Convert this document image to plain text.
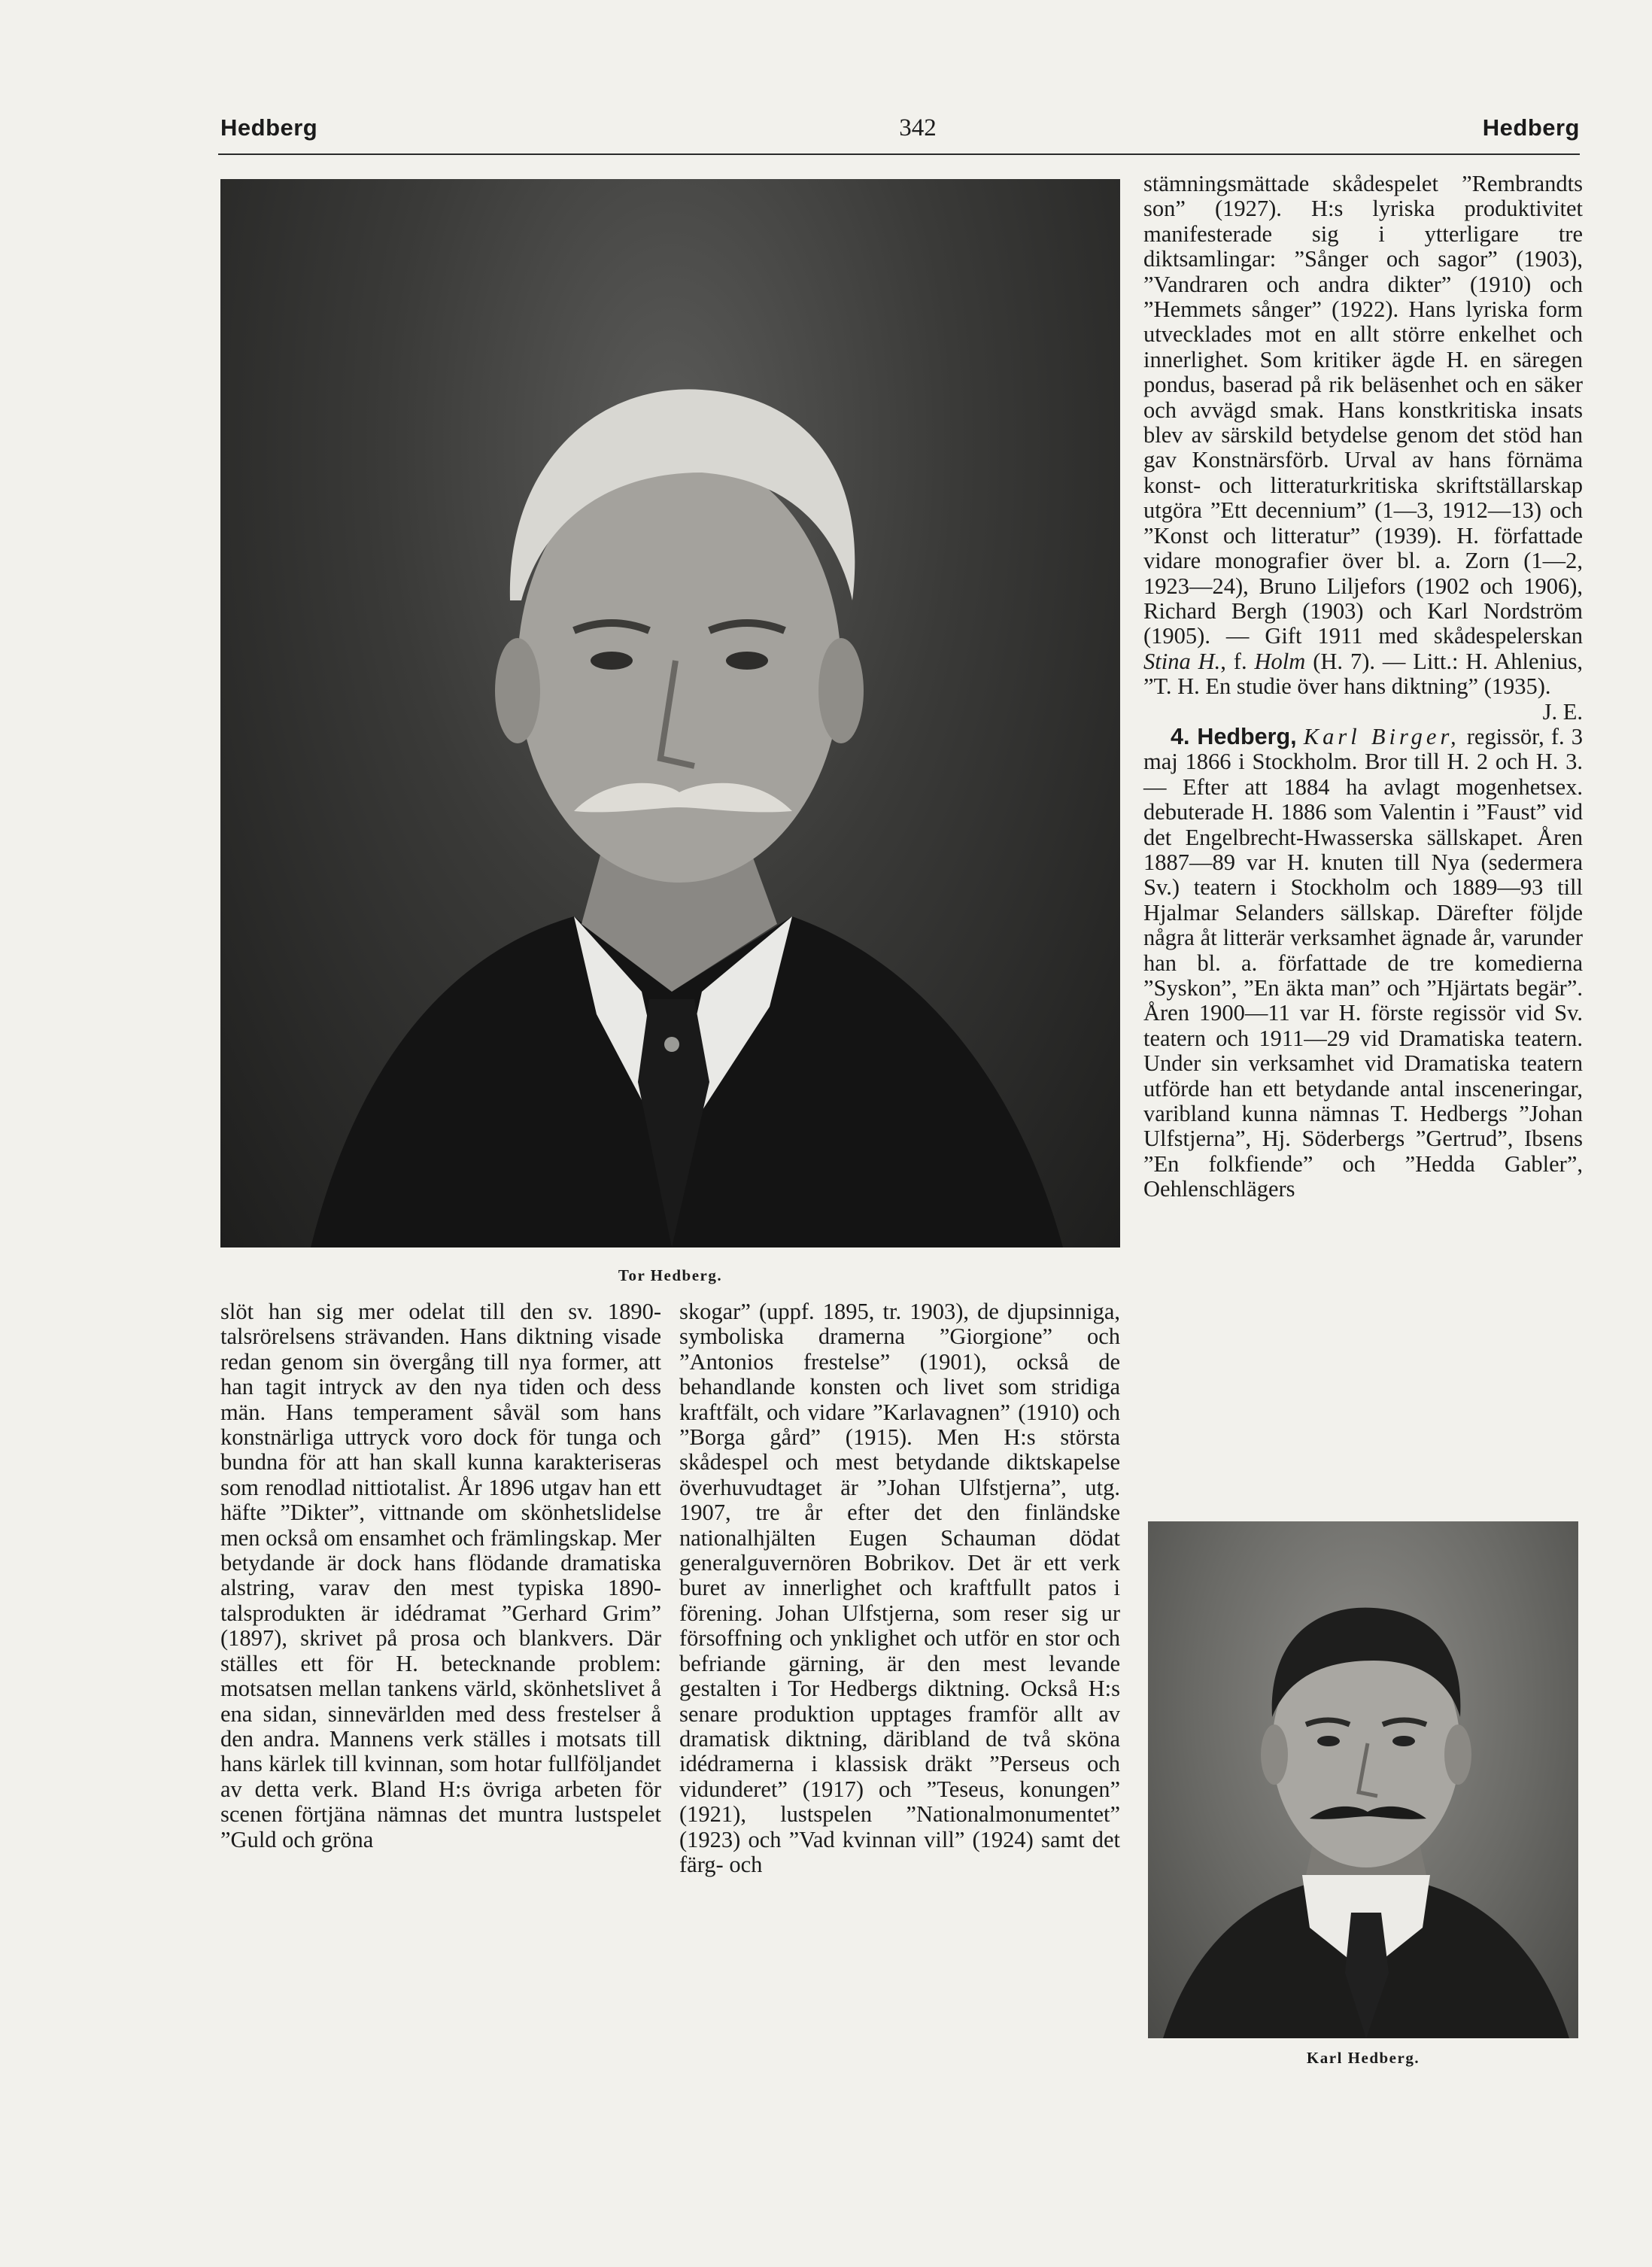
Hedberg	342	Hedberg
Tor Hedberg.

slöt han sig mer odelat till den sv. 1890-talsrörelsens strävanden. Hans diktning visade redan genom sin övergång till nya former, att han tagit intryck av den nya tiden och dess män. Hans temperament såväl som hans konstnärliga uttryck voro dock för tunga och bundna för att han skall kunna karakteriseras som renodlad nittiotalist. År 1896 utgav han ett häfte ”Dikter”, vittnande om skönhetslidelse men också om ensamhet och främlingskap. Mer betydande är dock hans flödande dramatiska alstring, varav den mest typiska 1890-talsprodukten är idédramat ”Gerhard Grim” (1897), skrivet på prosa och blankvers. Där ställes ett för H. betecknande problem: motsatsen mellan tankens värld, skönhetslivet å ena sidan, sinnevärlden med dess frestelser å den andra. Mannens verk ställes i motsats till hans kärlek till kvinnan, som hotar fullföljandet av detta verk. Bland H:s övriga arbeten för scenen förtjäna nämnas det muntra lustspelet ”Guld och gröna

skogar” (uppf. 1895, tr. 1903), de djupsinniga, symboliska dramerna ”Giorgione” och ”Antonios frestelse” (1901), också de behandlande konsten och livet som stridiga kraftfält, och vidare ”Karlavagnen” (1910) och ”Borga gård” (1915). Men H:s största skådespel och mest betydande diktskapelse överhuvudtaget är ”Johan Ulfstjerna”, utg. 1907, tre år efter det den finländske nationalhjälten Eugen Schauman dödat generalguvernören Bobrikov. Det är ett verk buret av innerlighet och kraftfullt patos i förening. Johan Ulfstjerna, som reser sig ur försoffning och ynklighet och utför en stor och befriande gärning, är den mest levande gestalten i Tor Hedbergs diktning. Också H:s senare produktion upptages framför allt av dramatisk diktning, däribland de två sköna idédramerna i klassisk dräkt ”Perseus och vidunderet” (1917) och ”Teseus, konungen” (1921), lustspelen ”Nationalmonumentet” (1923) och ”Vad kvinnan vill” (1924) samt det färg- och

stämningsmättade skådespelet ”Rembrandts son” (1927). H:s lyriska produktivitet manifesterade sig i ytterligare tre diktsamlingar: ”Sånger och sagor” (1903), ”Vandraren och andra dikter” (1910) och ”Hemmets sånger” (1922). Hans lyriska form utvecklades mot en allt större enkelhet och innerlighet. Som kritiker ägde H. en säregen pondus, baserad på rik beläsenhet och en säker och avvägd smak. Hans konstkritiska insats blev av särskild betydelse genom det stöd han gav Konstnärsförb. Urval av hans förnäma konst- och litteraturkritiska skriftställarskap utgöra ”Ett decennium” (1—3, 1912—13) och ”Konst och litteratur” (1939). H. författade vidare monografier över bl. a. Zorn (1—2, 1923—24), Bruno Liljefors (1902 och 1906), Richard Bergh (1903) och Karl Nordström (1905). — Gift 1911 med skådespelerskan Stina H., f. Holm (H. 7). — Litt.: H. Ahlenius, ”T. H. En studie över hans diktning” (1935).

J. E.

4. Hedberg, Karl Birger, regissör, f. 3 maj 1866 i Stockholm. Bror till H. 2 och H. 3. — Efter att 1884 ha avlagt mogenhetsex. debuterade H. 1886 som Valentin i ”Faust” vid det Engelbrecht-Hwasserska sällskapet. Åren 1887—89 var H. knuten till Nya (sedermera Sv.) teatern i Stockholm och 1889—93 till Hjalmar Selanders sällskap. Därefter följde några åt litterär verksamhet ägnade år, varunder han bl. a. författade de tre komedierna ”Syskon”, ”En äkta man” och ”Hjärtats begär”. Åren 1900—11 var H. förste regissör vid Sv. teatern och 1911—29 vid Dramatiska teatern. Under sin verksamhet vid Dramatiska teatern utförde han ett betydande antal insceneringar, varibland kunna nämnas T. Hedbergs ”Johan Ulfstjerna”, Hj. Söderbergs ”Gertrud”, Ibsens ”En folkfiende” och ”Hedda Gabler”, Oehlenschlägers

Karl Hedberg.
